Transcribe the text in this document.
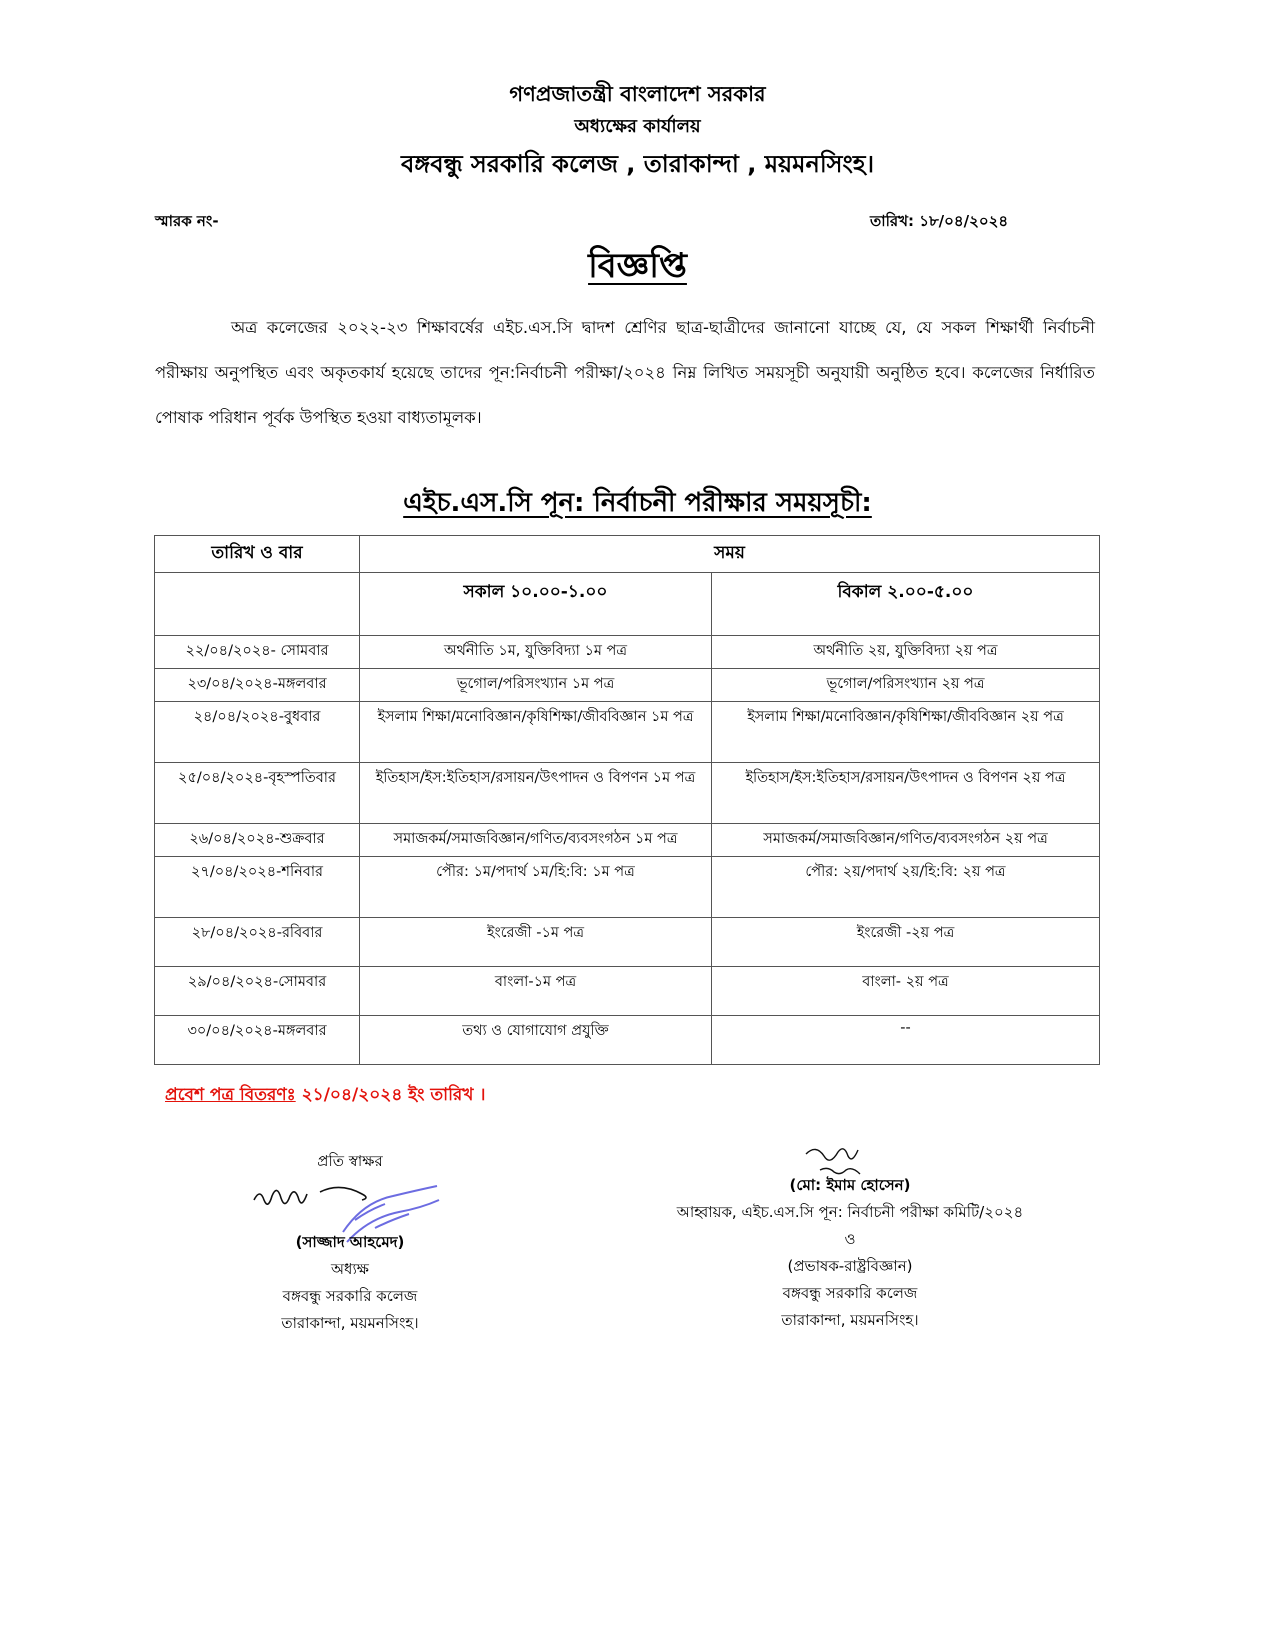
গণপ্রজাতন্ত্রী বাংলাদেশ সরকার
অধ্যক্ষের কার্যালয়
বঙ্গবন্ধু সরকারি কলেজ , তারাকান্দা , ময়মনসিংহ।
স্মারক নং-	তারিখ: ১৮/০৪/২০২৪
বিজ্ঞপ্তি
অত্র কলেজের ২০২২-২৩ শিক্ষাবর্ষের এইচ.এস.সি দ্বাদশ শ্রেণির ছাত্র-ছাত্রীদের জানানো যাচ্ছে যে, যে সকল শিক্ষার্থী নির্বাচনী পরীক্ষায় অনুপস্থিত এবং অকৃতকার্য হয়েছে তাদের পূন:নির্বাচনী পরীক্ষা/২০২৪ নিম্ন লিখিত সময়সূচী অনুযায়ী অনুষ্ঠিত হবে। কলেজের নির্ধারিত পোষাক পরিধান পূর্বক উপস্থিত হওয়া বাধ্যতামূলক।
এইচ.এস.সি পূন: নির্বাচনী পরীক্ষার সময়সূচী:
তারিখ ও বার	সময়	
	সকাল ১০.০০-১.০০	বিকাল ২.০০-৫.০০
২২/০৪/২০২৪- সোমবার	অর্থনীতি ১ম, যুক্তিবিদ্যা ১ম পত্র	অর্থনীতি ২য়, যুক্তিবিদ্যা ২য় পত্র
২৩/০৪/২০২৪-মঙ্গলবার	ভূগোল/পরিসংখ্যান ১ম পত্র	ভূগোল/পরিসংখ্যান ২য় পত্র
২৪/০৪/২০২৪-বুধবার	ইসলাম শিক্ষা/মনোবিজ্ঞান/কৃষিশিক্ষা/জীববিজ্ঞান ১ম পত্র	ইসলাম শিক্ষা/মনোবিজ্ঞান/কৃষিশিক্ষা/জীববিজ্ঞান ২য় পত্র
২৫/০৪/২০২৪-বৃহস্পতিবার	ইতিহাস/ইস:ইতিহাস/রসায়ন/উৎপাদন ও বিপণন ১ম পত্র	ইতিহাস/ইস:ইতিহাস/রসায়ন/উৎপাদন ও বিপণন ২য় পত্র
২৬/০৪/২০২৪-শুক্রবার	সমাজকর্ম/সমাজবিজ্ঞান/গণিত/ব্যবসংগঠন ১ম পত্র	সমাজকর্ম/সমাজবিজ্ঞান/গণিত/ব্যবসংগঠন ২য় পত্র
২৭/০৪/২০২৪-শনিবার	পৌর: ১ম/পদার্থ ১ম/হি:বি: ১ম পত্র	পৌর: ২য়/পদার্থ ২য়/হি:বি: ২য় পত্র
২৮/০৪/২০২৪-রবিবার	ইংরেজী -১ম পত্র	ইংরেজী -২য় পত্র
২৯/০৪/২০২৪-সোমবার	বাংলা-১ম পত্র	বাংলা- ২য় পত্র
৩০/০৪/২০২৪-মঙ্গলবার	তথ্য ও যোগাযোগ প্রযুক্তি	--
প্রবেশ পত্র বিতরণঃ ২১/০৪/২০২৪ ইং তারিখ ।
প্রতি স্বাক্ষর
(সাজ্জাদ আহমেদ)
অধ্যক্ষ
বঙ্গবন্ধু সরকারি কলেজ
তারাকান্দা, ময়মনসিংহ।
(মো: ইমাম হোসেন)
আহ্বায়ক, এইচ.এস.সি পূন: নির্বাচনী পরীক্ষা কমিটি/২০২৪
ও
(প্রভাষক-রাষ্ট্রবিজ্ঞান)
বঙ্গবন্ধু সরকারি কলেজ
তারাকান্দা, ময়মনসিংহ।
